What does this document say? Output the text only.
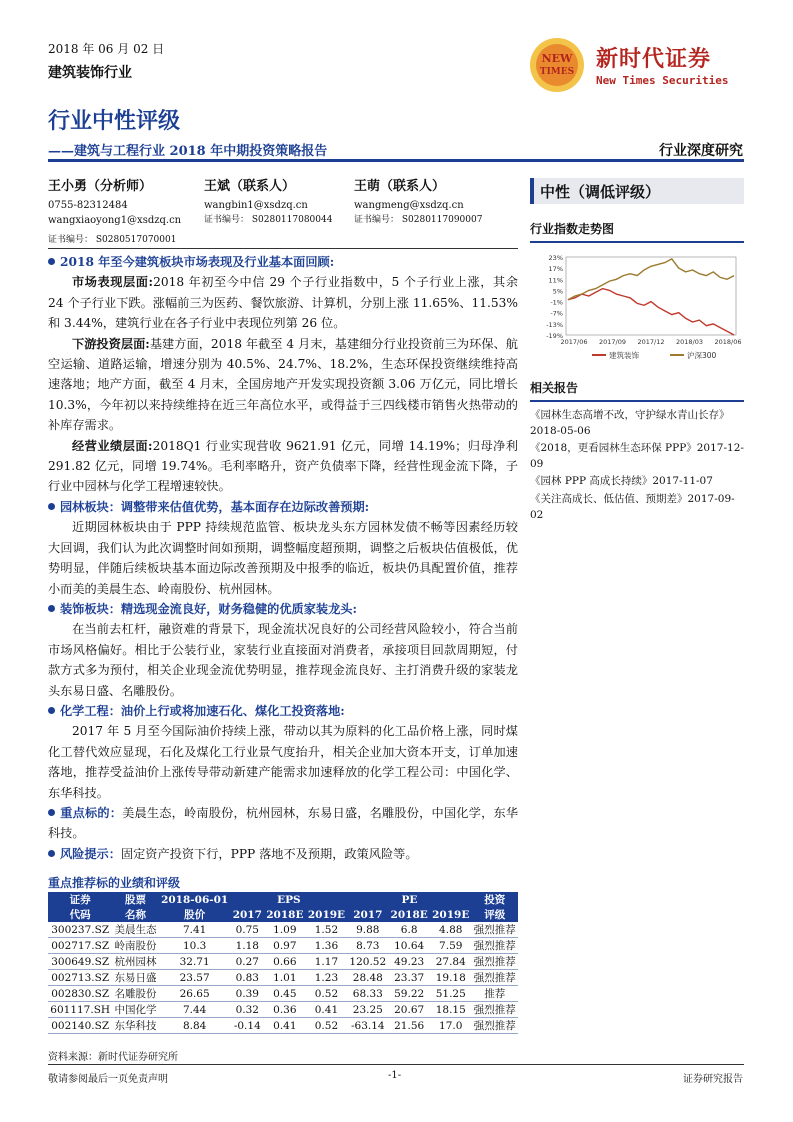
2018 年 06 月 02 日
建筑装饰行业
NEW
TIMES 新时代证券
New Times Securities
行业中性评级
——建筑与工程行业 2018 年中期投资策略报告	行业深度研究
王小勇（分析师）
0755-82312484
wangxiaoyong1@xsdzq.cn
证书编号： S0280517070001
王斌（联系人）
wangbin1@xsdzq.cn
证书编号： S0280117080044
王萌（联系人）
wangmeng@xsdzq.cn
证书编号： S0280117090007
2018 年至今建筑板块市场表现及行业基本面回顾:
市场表现层面:2018 年初至今中信 29 个子行业指数中，5 个子行业上涨，其余 24 个子行业下跌。涨幅前三为医药、餐饮旅游、计算机，分别上涨 11.65%、11.53%和 3.44%，建筑行业在各子行业中表现位列第 26 位。
下游投资层面:基建方面，2018 年截至 4 月末，基建细分行业投资前三为环保、航空运输、道路运输，增速分别为 40.5%、24.7%、18.2%，生态环保投资继续维持高速落地；地产方面，截至 4 月末，全国房地产开发实现投资额 3.06 万亿元，同比增长 10.3%，今年初以来持续维持在近三年高位水平，或得益于三四线楼市销售火热带动的补库存需求。
经营业绩层面:2018Q1 行业实现营收 9621.91 亿元，同增 14.19%；归母净利 291.82 亿元，同增 19.74%。毛利率略升，资产负债率下降，经营性现金流下降，子行业中园林与化学工程增速较快。
园林板块：调整带来估值优势，基本面存在边际改善预期:
近期园林板块由于 PPP 持续规范监管、板块龙头东方园林发债不畅等因素经历较大回调，我们认为此次调整时间如预期，调整幅度超预期，调整之后板块估值极低，优势明显，伴随后续板块基本面边际改善预期及中报季的临近，板块仍具配置价值，推荐小而美的美晨生态、岭南股份、杭州园林。
装饰板块：精选现金流良好，财务稳健的优质家装龙头:
在当前去杠杆，融资难的背景下，现金流状况良好的公司经营风险较小，符合当前市场风格偏好。相比于公装行业，家装行业直接面对消费者，承接项目回款周期短，付款方式多为预付，相关企业现金流优势明显，推荐现金流良好、主打消费升级的家装龙头东易日盛、名雕股份。
化学工程：油价上行或将加速石化、煤化工投资落地:
2017 年 5 月至今国际油价持续上涨，带动以其为原料的化工品价格上涨，同时煤化工替代效应显现，石化及煤化工行业景气度抬升，相关企业加大资本开支，订单加速落地，推荐受益油价上涨传导带动新建产能需求加速释放的化学工程公司：中国化学、东华科技。
重点标的：美晨生态，岭南股份，杭州园林，东易日盛，名雕股份，中国化学，东华科技。
风险提示：固定资产投资下行，PPP 落地不及预期，政策风险等。
重点推荐标的业绩和评级
证券	股票	2018-06-01	EPS			PE			投资
代码	名称	股价	2017	2018E	2019E	2017	2018E	2019E	评级
300237.SZ	美晨生态	7.41	0.75	1.09	1.52	9.88	6.8	4.88	强烈推荐
002717.SZ	岭南股份	10.3	1.18	0.97	1.36	8.73	10.64	7.59	强烈推荐
300649.SZ	杭州园林	32.71	0.27	0.66	1.17	120.52	49.23	27.84	强烈推荐
002713.SZ	东易日盛	23.57	0.83	1.01	1.23	28.48	23.37	19.18	强烈推荐
002830.SZ	名雕股份	26.65	0.39	0.45	0.52	68.33	59.22	51.25	推荐
601117.SH	中国化学	7.44	0.32	0.36	0.41	23.25	20.67	18.15	强烈推荐
002140.SZ	东华科技	8.84	-0.14	0.41	0.52	-63.14	21.56	17.0	强烈推荐
资料来源：新时代证券研究所
中性（调低评级）
行业指数走势图
23%
17%
11%
5%
-1%
-7%
-13%
-19%
2017/06 2017/09 2017/12 2018/03 2018/06
建筑装饰	沪深300
相关报告
《园林生态高增不改，守护绿水青山长存》2018-05-06
《2018，更看园林生态环保 PPP》2017-12-09
《园林 PPP 高成长持续》2017-11-07
《关注高成长、低估值、预期差》2017-09-02
敬请参阅最后一页免责声明	-1-	证券研究报告
